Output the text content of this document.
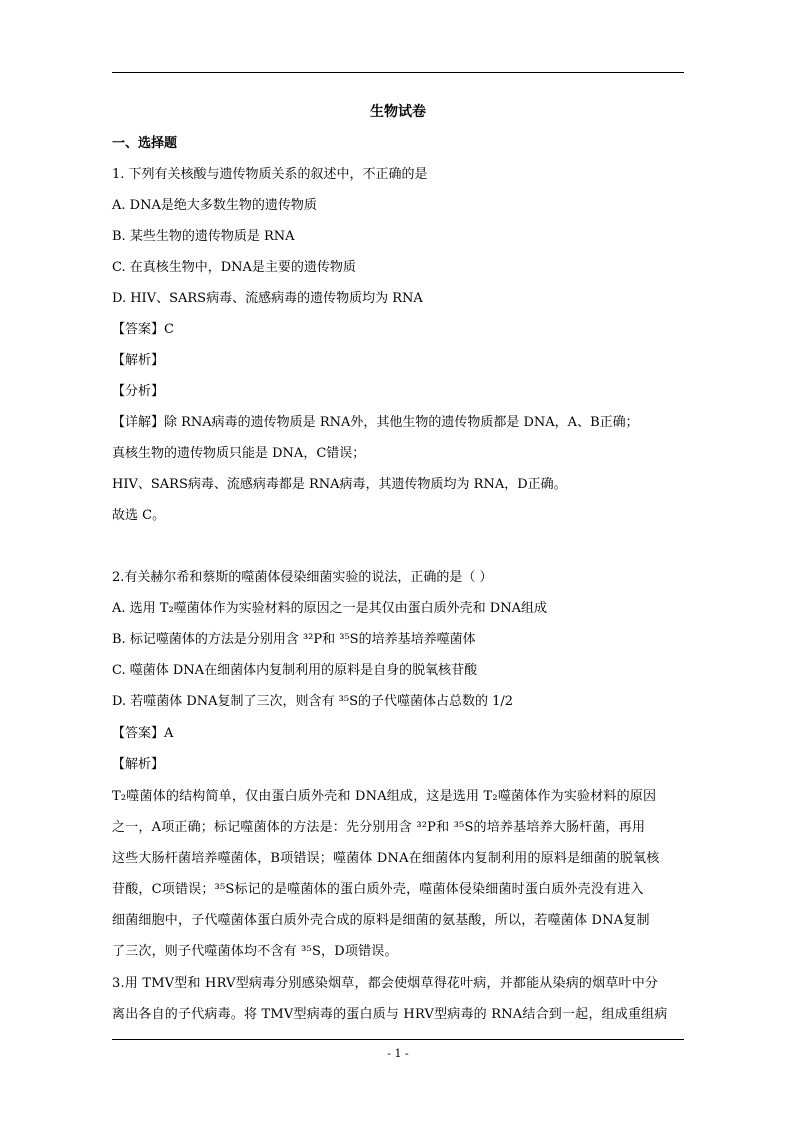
生物试卷
一、选择题
1. 下列有关核酸与遗传物质关系的叙述中，不正确的是
A. DNA是绝大多数生物的遗传物质
B. 某些生物的遗传物质是 RNA
C. 在真核生物中，DNA是主要的遗传物质
D. HIV、SARS病毒、流感病毒的遗传物质均为 RNA
【答案】C
【解析】
【分析】
【详解】除 RNA病毒的遗传物质是 RNA外，其他生物的遗传物质都是 DNA，A、B正确；
真核生物的遗传物质只能是 DNA，C错误；
HIV、SARS病毒、流感病毒都是 RNA病毒，其遗传物质均为 RNA，D正确。
故选 C。
2.有关赫尔希和蔡斯的噬菌体侵染细菌实验的说法，正确的是（ ）
A. 选用 T₂噬菌体作为实验材料的原因之一是其仅由蛋白质外壳和 DNA组成
B. 标记噬菌体的方法是分别用含 ³²P和 ³⁵S的培养基培养噬菌体
C. 噬菌体 DNA在细菌体内复制利用的原料是自身的脱氧核苷酸
D. 若噬菌体 DNA复制了三次，则含有 ³⁵S的子代噬菌体占总数的 1/2
【答案】A
【解析】
T₂噬菌体的结构简单，仅由蛋白质外壳和 DNA组成，这是选用 T₂噬菌体作为实验材料的原因
之一，A项正确；标记噬菌体的方法是：先分别用含 ³²P和 ³⁵S的培养基培养大肠杆菌，再用
这些大肠杆菌培养噬菌体，B项错误；噬菌体 DNA在细菌体内复制利用的原料是细菌的脱氧核
苷酸，C项错误；³⁵S标记的是噬菌体的蛋白质外壳，噬菌体侵染细菌时蛋白质外壳没有进入
细菌细胞中，子代噬菌体蛋白质外壳合成的原料是细菌的氨基酸，所以，若噬菌体 DNA复制
了三次，则子代噬菌体均不含有 ³⁵S，D项错误。
3.用 TMV型和 HRV型病毒分别感染烟草，都会使烟草得花叶病，并都能从染病的烟草叶中分
离出各自的子代病毒。将 TMV型病毒的蛋白质与 HRV型病毒的 RNA结合到一起，组成重组病
- 1 -
